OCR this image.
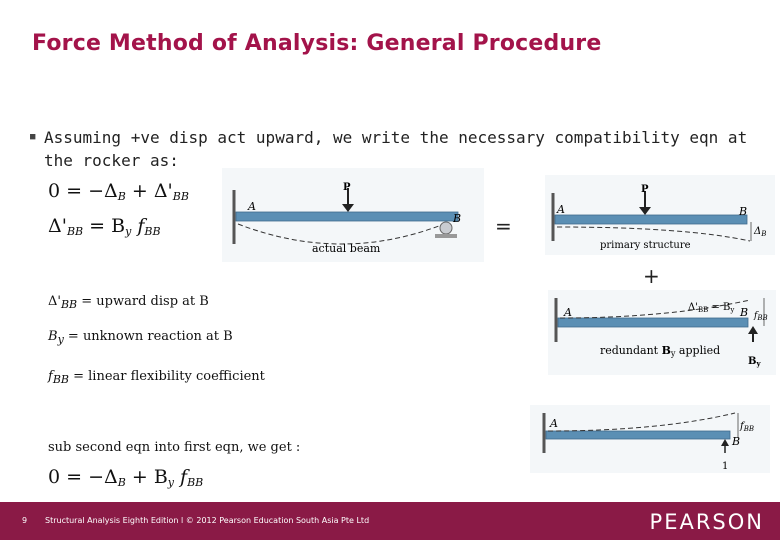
Force Method of Analysis: General Procedure
■ Assuming +ve disp act upward, we write the necessary compatibility eqn at
the rocker as:
$0 = -\Delta_B + \Delta'_{BB}$
$\Delta'_{BB} = B_y$ $f_{BB}$
$\Delta'_{BB}$ = upward disp at B
$B_y$ = unknown reaction at B
$f_{BB}$ = linear flexibility coefficient
sub second eqn into first eqn, we get :
$0 = -\Delta_B + B_y$ $f_{BB}$
=
+
P
A
B
actual beam
P
A	B
$\Delta_B$
primary structure
A	B
$\Delta'_{BB} = B_y$
$f_{BB}$
redundant By applied
$B_y$
A
B
$f_{BB}$
1
9 Structural Analysis Eighth Edition l © 2012 Pearson Education South Asia Pte Ltd	PEARSON
